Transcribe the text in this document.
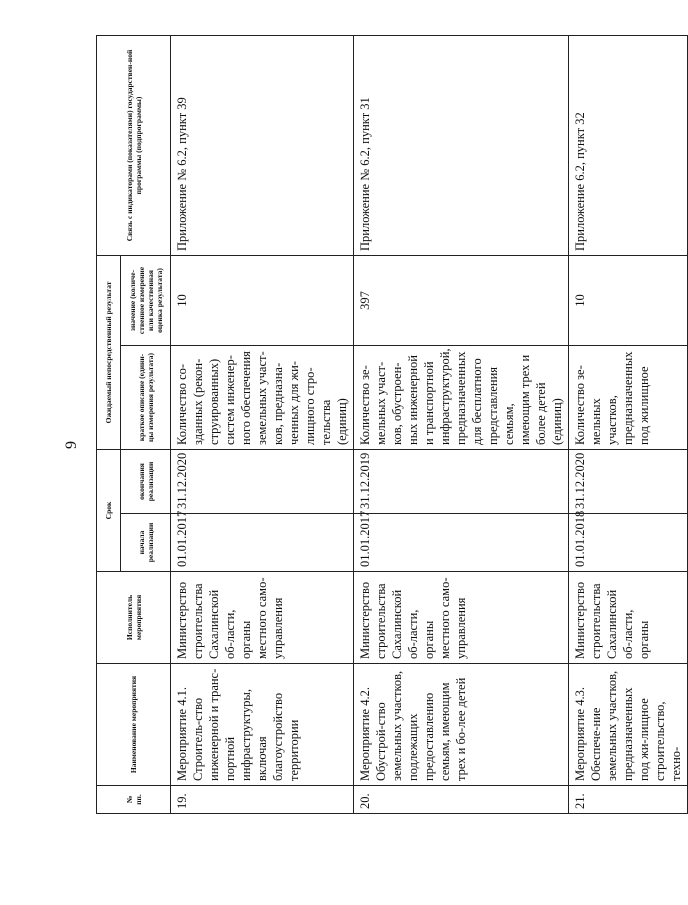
9
№ пп.	Наименование мероприятия	Исполнитель мероприятия	Срок		Ожидаемый непосредственный результат		Связь с индикаторами (показателями) государствен-ной программы (подпрограммы)
			начала реализации	окончания реализации	краткое описание (едини-цы измерения результата)	значение (количе-ственное измерение или качественная оценка результата)	
19.	Мероприятие 4.1. Строитель-ство инженерной и транс-портной инфраструктуры, включая благоустройство территории	Министерство строительства Сахалинской об-ласти, органы местного само-управления	01.01.2017	31.12.2020	Количество со-зданных (рекон-струированных) систем инженер-ного обеспечения земельных участ-ков, предназна-ченных для жи-лищного стро-тельства (единиц)	10	Приложение № 6.2, пункт 39
20.	Мероприятие 4.2. Обустрой-ство земельных участков, подлежащих предоставлению семьям, имеющим трех и бо-лее детей	Министерство строительства Сахалинской об-ласти, органы местного само-управления	01.01.2017	31.12.2019	Количество зе-мельных участ-ков, обустроен-ных инженерной и транспортной инфраструктурой, предназначенных для бесплатного представления семьям, имеющим трех и более детей (единиц)	397	Приложение № 6.2, пункт 31
21.	Мероприятие 4.3. Обеспече-ние земельных участков, предназначенных под жи-лищное строительство, техно-	Министерство строительства Сахалинской об-ласти, органы	01.01.2018	31.12.2020	Количество зе-мельных участков, предназначенных под жилищное	10	Приложение 6.2, пункт 32
